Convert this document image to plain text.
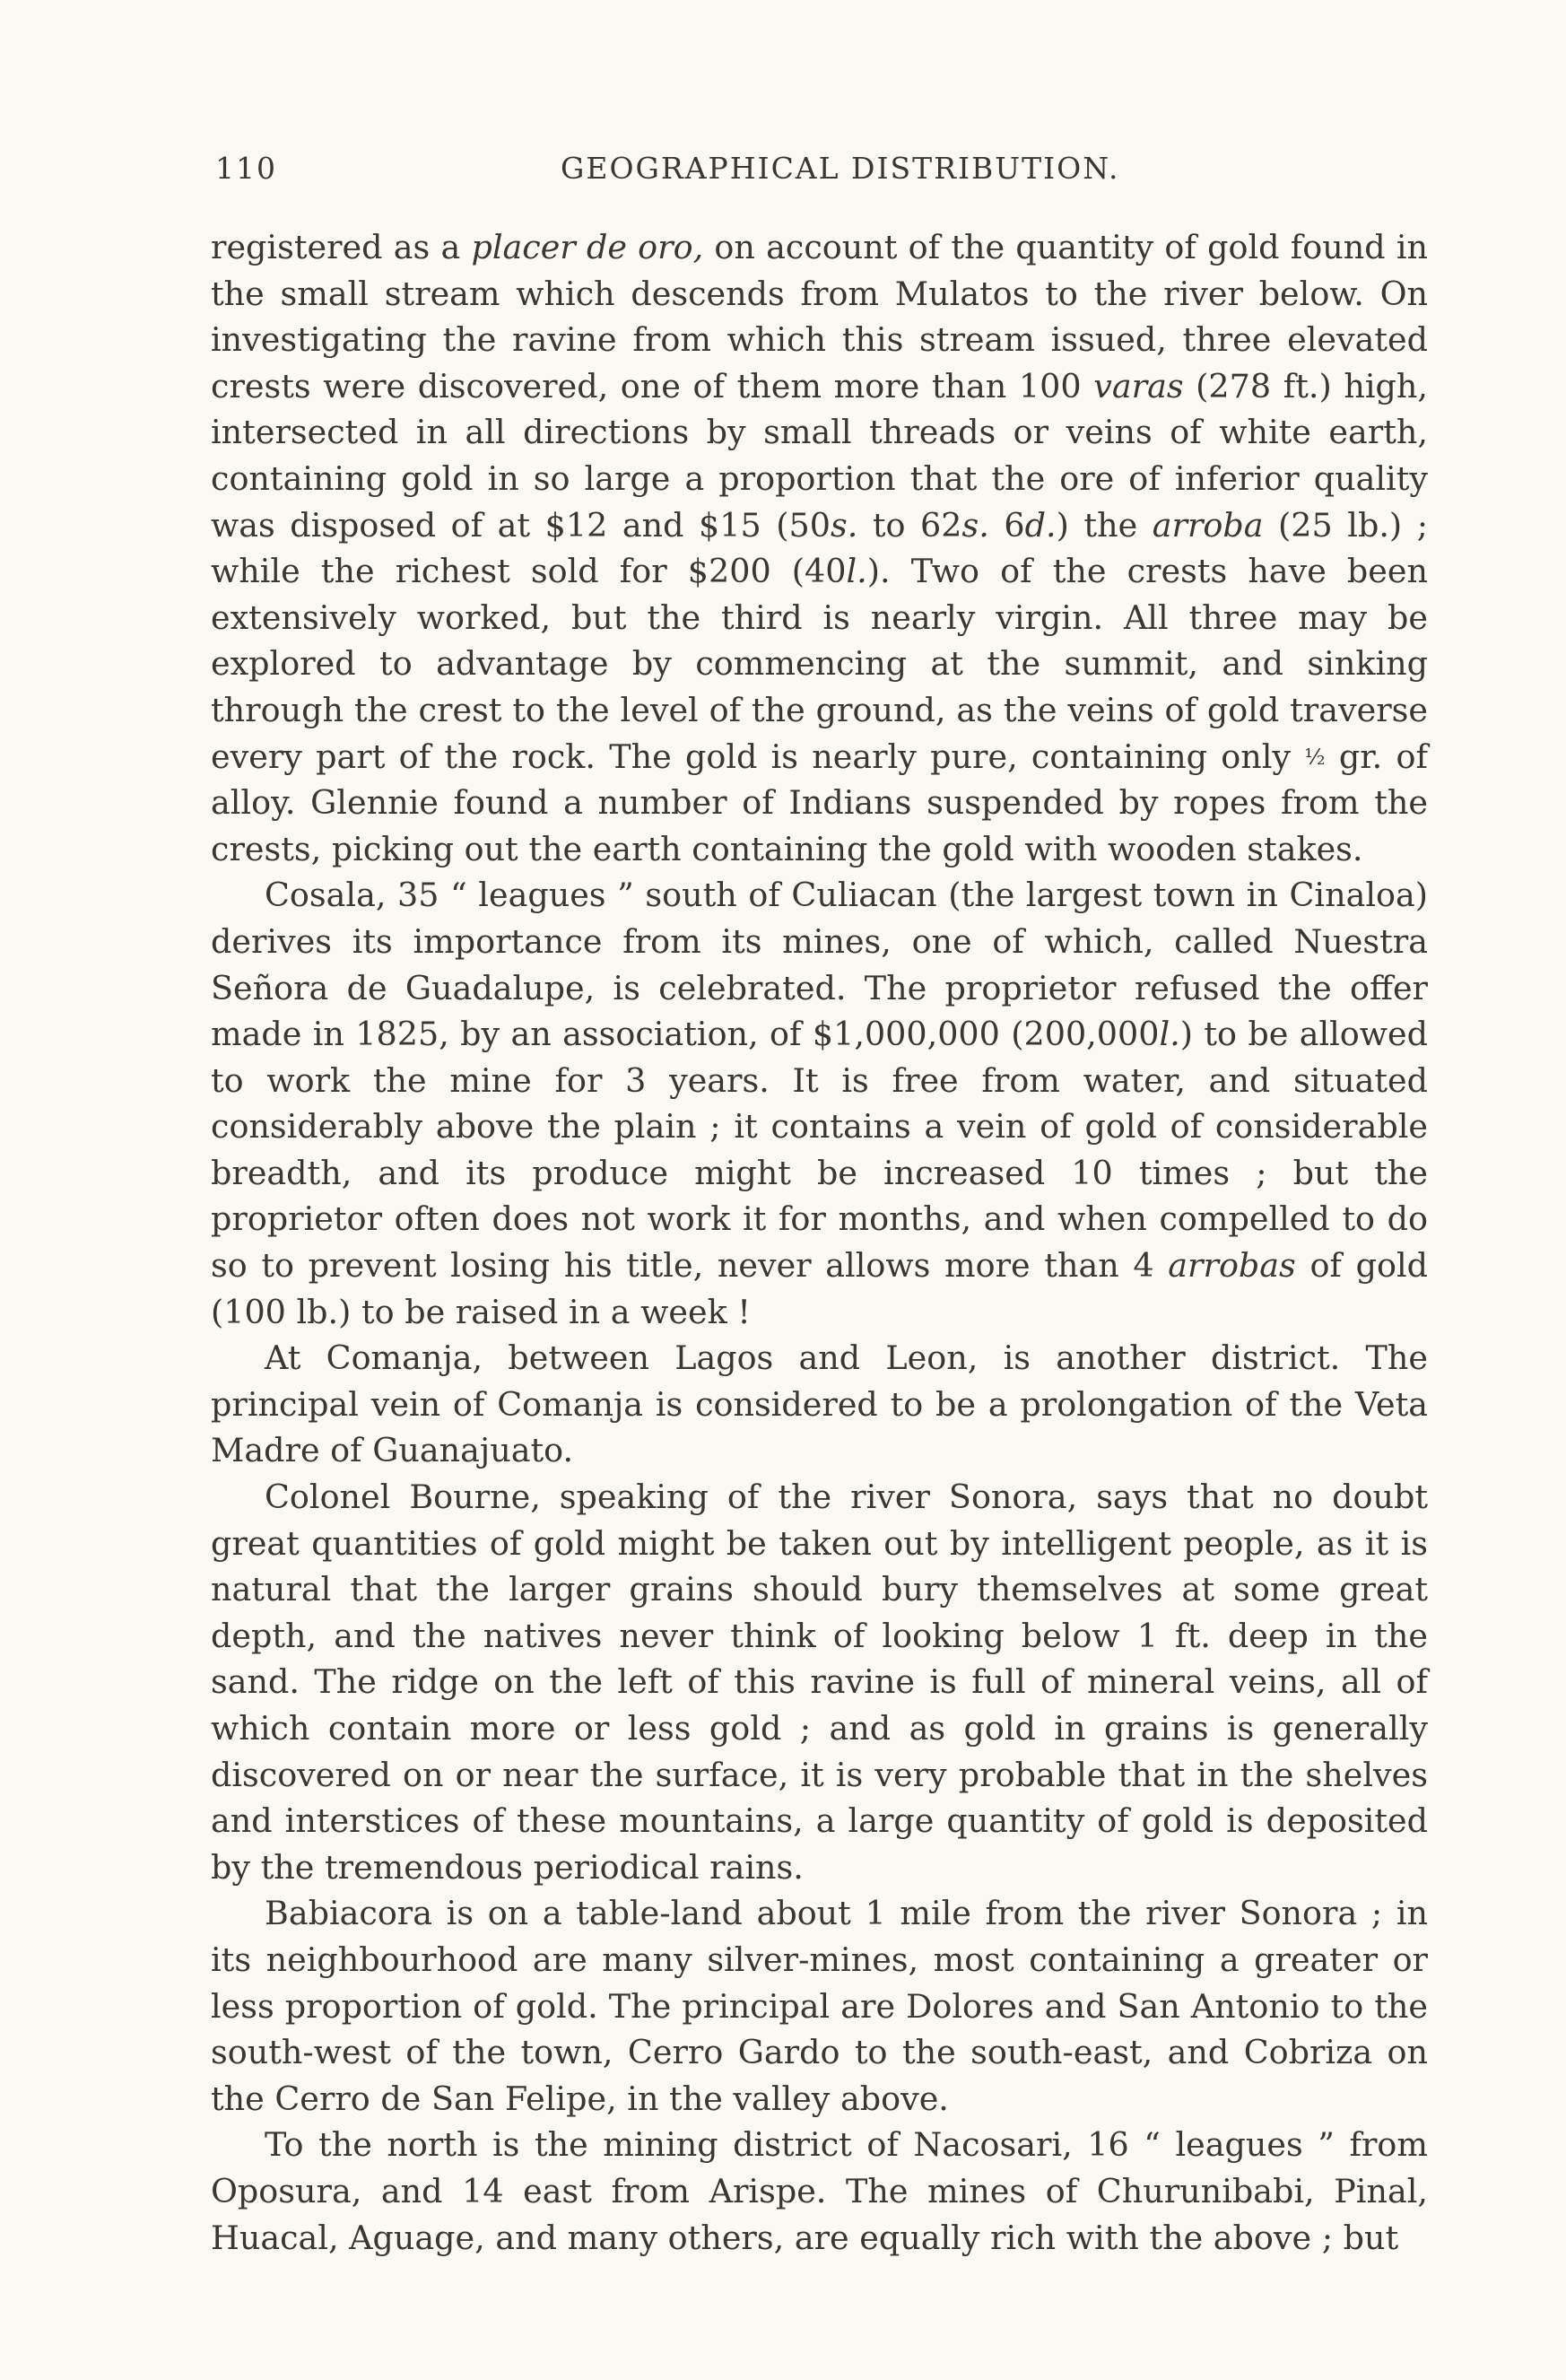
110	GEOGRAPHICAL DISTRIBUTION.

registered as a placer de oro, on account of the quantity of gold found in the small stream which descends from Mulatos to the river below. On investigating the ravine from which this stream issued, three elevated crests were discovered, one of them more than 100 varas (278 ft.) high, intersected in all directions by small threads or veins of white earth, containing gold in so large a proportion that the ore of inferior quality was disposed of at $12 and $15 (50s. to 62s. 6d.) the arroba (25 lb.) ; while the richest sold for $200 (40l.). Two of the crests have been extensively worked, but the third is nearly virgin. All three may be explored to advantage by commencing at the summit, and sinking through the crest to the level of the ground, as the veins of gold traverse every part of the rock. The gold is nearly pure, containing only ½ gr. of alloy. Glennie found a number of Indians suspended by ropes from the crests, picking out the earth containing the gold with wooden stakes.

Cosala, 35 “ leagues ” south of Culiacan (the largest town in Cinaloa) derives its importance from its mines, one of which, called Nuestra Señora de Guadalupe, is celebrated. The proprietor refused the offer made in 1825, by an association, of $1,000,000 (200,000l.) to be allowed to work the mine for 3 years. It is free from water, and situated considerably above the plain ; it contains a vein of gold of considerable breadth, and its produce might be increased 10 times ; but the proprietor often does not work it for months, and when compelled to do so to prevent losing his title, never allows more than 4 arrobas of gold (100 lb.) to be raised in a week !

At Comanja, between Lagos and Leon, is another district. The principal vein of Comanja is considered to be a prolongation of the Veta Madre of Guanajuato.

Colonel Bourne, speaking of the river Sonora, says that no doubt great quantities of gold might be taken out by intelligent people, as it is natural that the larger grains should bury themselves at some great depth, and the natives never think of looking below 1 ft. deep in the sand. The ridge on the left of this ravine is full of mineral veins, all of which contain more or less gold ; and as gold in grains is generally discovered on or near the surface, it is very probable that in the shelves and interstices of these mountains, a large quantity of gold is deposited by the tremendous periodical rains.

Babiacora is on a table-land about 1 mile from the river Sonora ; in its neighbourhood are many silver-mines, most containing a greater or less proportion of gold. The principal are Dolores and San Antonio to the south-west of the town, Cerro Gardo to the south-east, and Cobriza on the Cerro de San Felipe, in the valley above.

To the north is the mining district of Nacosari, 16 “ leagues ” from Oposura, and 14 east from Arispe. The mines of Churunibabi, Pinal, Huacal, Aguage, and many others, are equally rich with the above ; but
